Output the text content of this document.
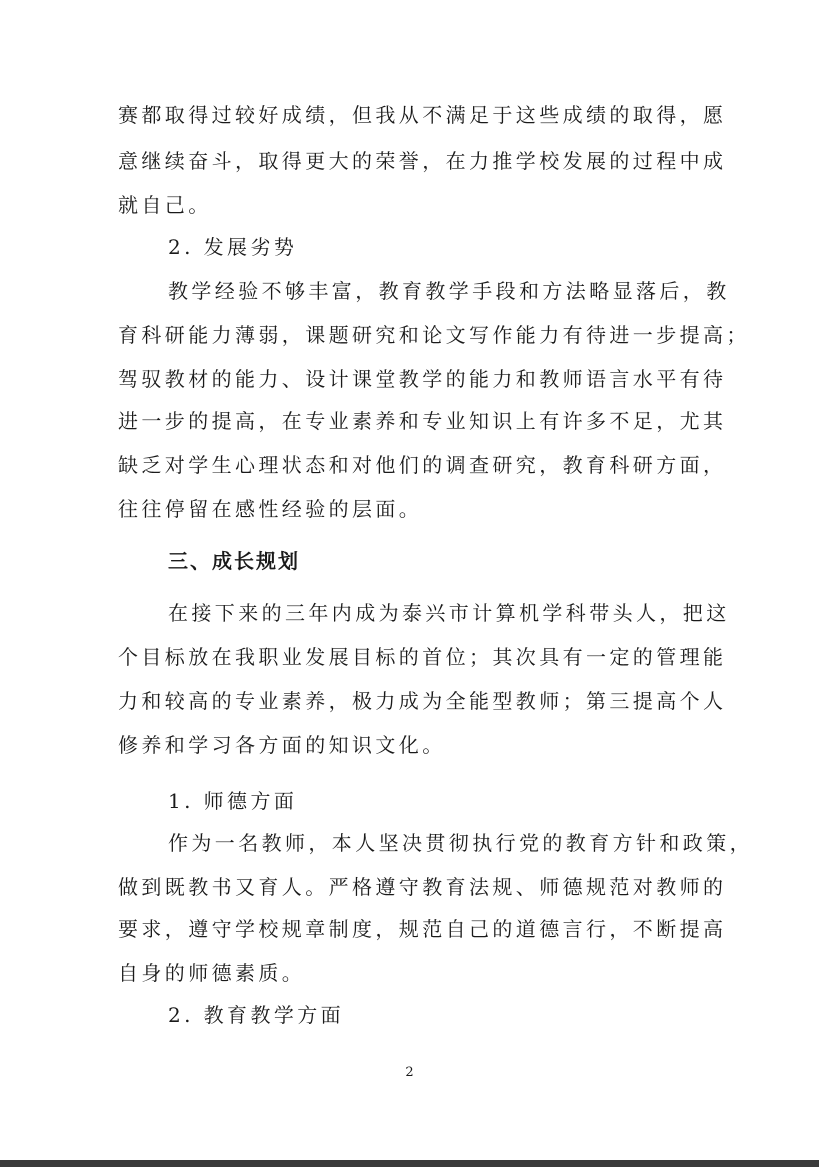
赛都取得过较好成绩，但我从不满足于这些成绩的取得，愿
意继续奋斗，取得更大的荣誉，在力推学校发展的过程中成
就自己。
2. 发展劣势
教学经验不够丰富，教育教学手段和方法略显落后，教
育科研能力薄弱，课题研究和论文写作能力有待进一步提高；
驾驭教材的能力、设计课堂教学的能力和教师语言水平有待
进一步的提高，在专业素养和专业知识上有许多不足，尤其
缺乏对学生心理状态和对他们的调查研究，教育科研方面，
往往停留在感性经验的层面。
三、成长规划
在接下来的三年内成为泰兴市计算机学科带头人，把这
个目标放在我职业发展目标的首位；其次具有一定的管理能
力和较高的专业素养，极力成为全能型教师；第三提高个人
修养和学习各方面的知识文化。
1. 师德方面
作为一名教师，本人坚决贯彻执行党的教育方针和政策，
做到既教书又育人。严格遵守教育法规、师德规范对教师的
要求，遵守学校规章制度，规范自己的道德言行，不断提高
自身的师德素质。
2. 教育教学方面
2
